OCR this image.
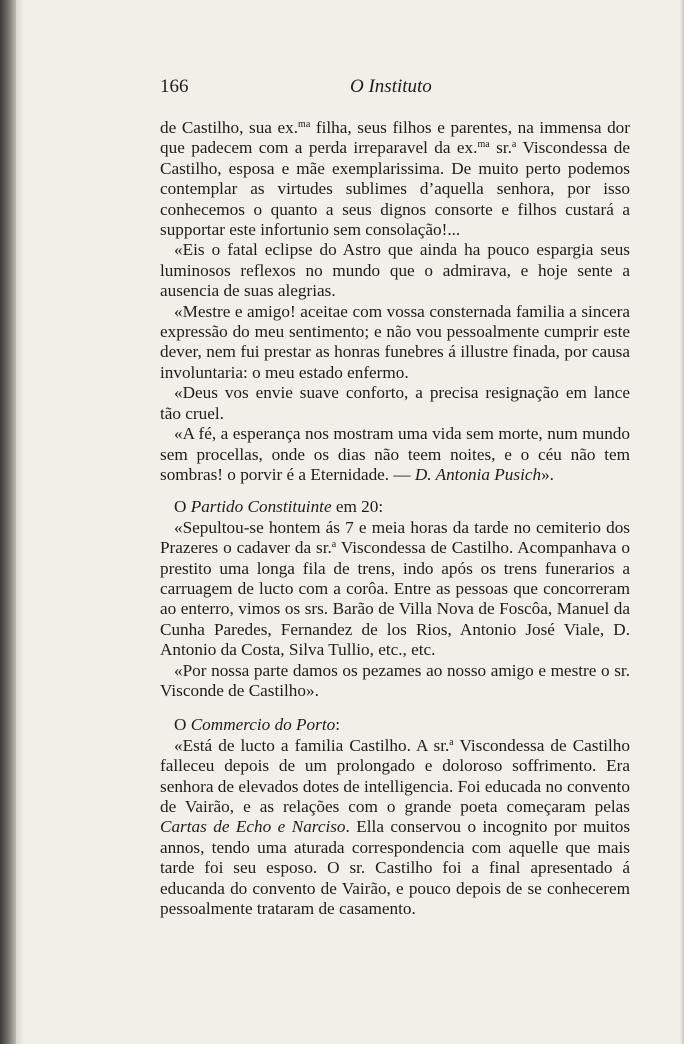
166	O Instituto

de Castilho, sua ex.$^{ma}$ filha, seus filhos e parentes, na immensa dor que padecem com a perda irreparavel da ex.$^{ma}$ sr.$^a$ Viscondessa de Castilho, esposa e mãe exemplarissima. De muito perto podemos contemplar as virtudes sublimes d’aquella senhora, por isso conhecemos o quanto a seus dignos consorte e filhos custará a supportar este infortunio sem consolação!...

«Eis o fatal eclipse do Astro que ainda ha pouco espargia seus luminosos reflexos no mundo que o admirava, e hoje sente a ausencia de suas alegrias.

«Mestre e amigo! aceitae com vossa consternada familia a sincera expressão do meu sentimento; e não vou pessoalmente cumprir este dever, nem fui prestar as honras funebres á illustre finada, por causa involuntaria: o meu estado enfermo.

«Deus vos envie suave conforto, a precisa resignação em lance tão cruel.

«A fé, a esperança nos mostram uma vida sem morte, num mundo sem procellas, onde os dias não teem noites, e o céu não tem sombras! o porvir é a Eternidade. — D. Antonia Pusich».

O Partido Constituinte em 20:

«Sepultou-se hontem ás 7 e meia horas da tarde no cemiterio dos Prazeres o cadaver da sr.$^a$ Viscondessa de Castilho. Acompanhava o prestito uma longa fila de trens, indo após os trens funerarios a carruagem de lucto com a corôa. Entre as pessoas que concorreram ao enterro, vimos os srs. Barão de Villa Nova de Foscôa, Manuel da Cunha Paredes, Fernandez de los Rios, Antonio José Viale, D. Antonio da Costa, Silva Tullio, etc., etc.

«Por nossa parte damos os pezames ao nosso amigo e mestre o sr. Visconde de Castilho».

O Commercio do Porto:

«Está de lucto a familia Castilho. A sr.$^a$ Viscondessa de Castilho falleceu depois de um prolongado e doloroso soffrimento. Era senhora de elevados dotes de intelligencia. Foi educada no convento de Vairão, e as relações com o grande poeta começaram pelas Cartas de Echo e Narciso. Ella conservou o incognito por muitos annos, tendo uma aturada correspondencia com aquelle que mais tarde foi seu esposo. O sr. Castilho foi a final apresentado á educanda do convento de Vairão, e pouco depois de se conhecerem pessoalmente trataram de casamento.
